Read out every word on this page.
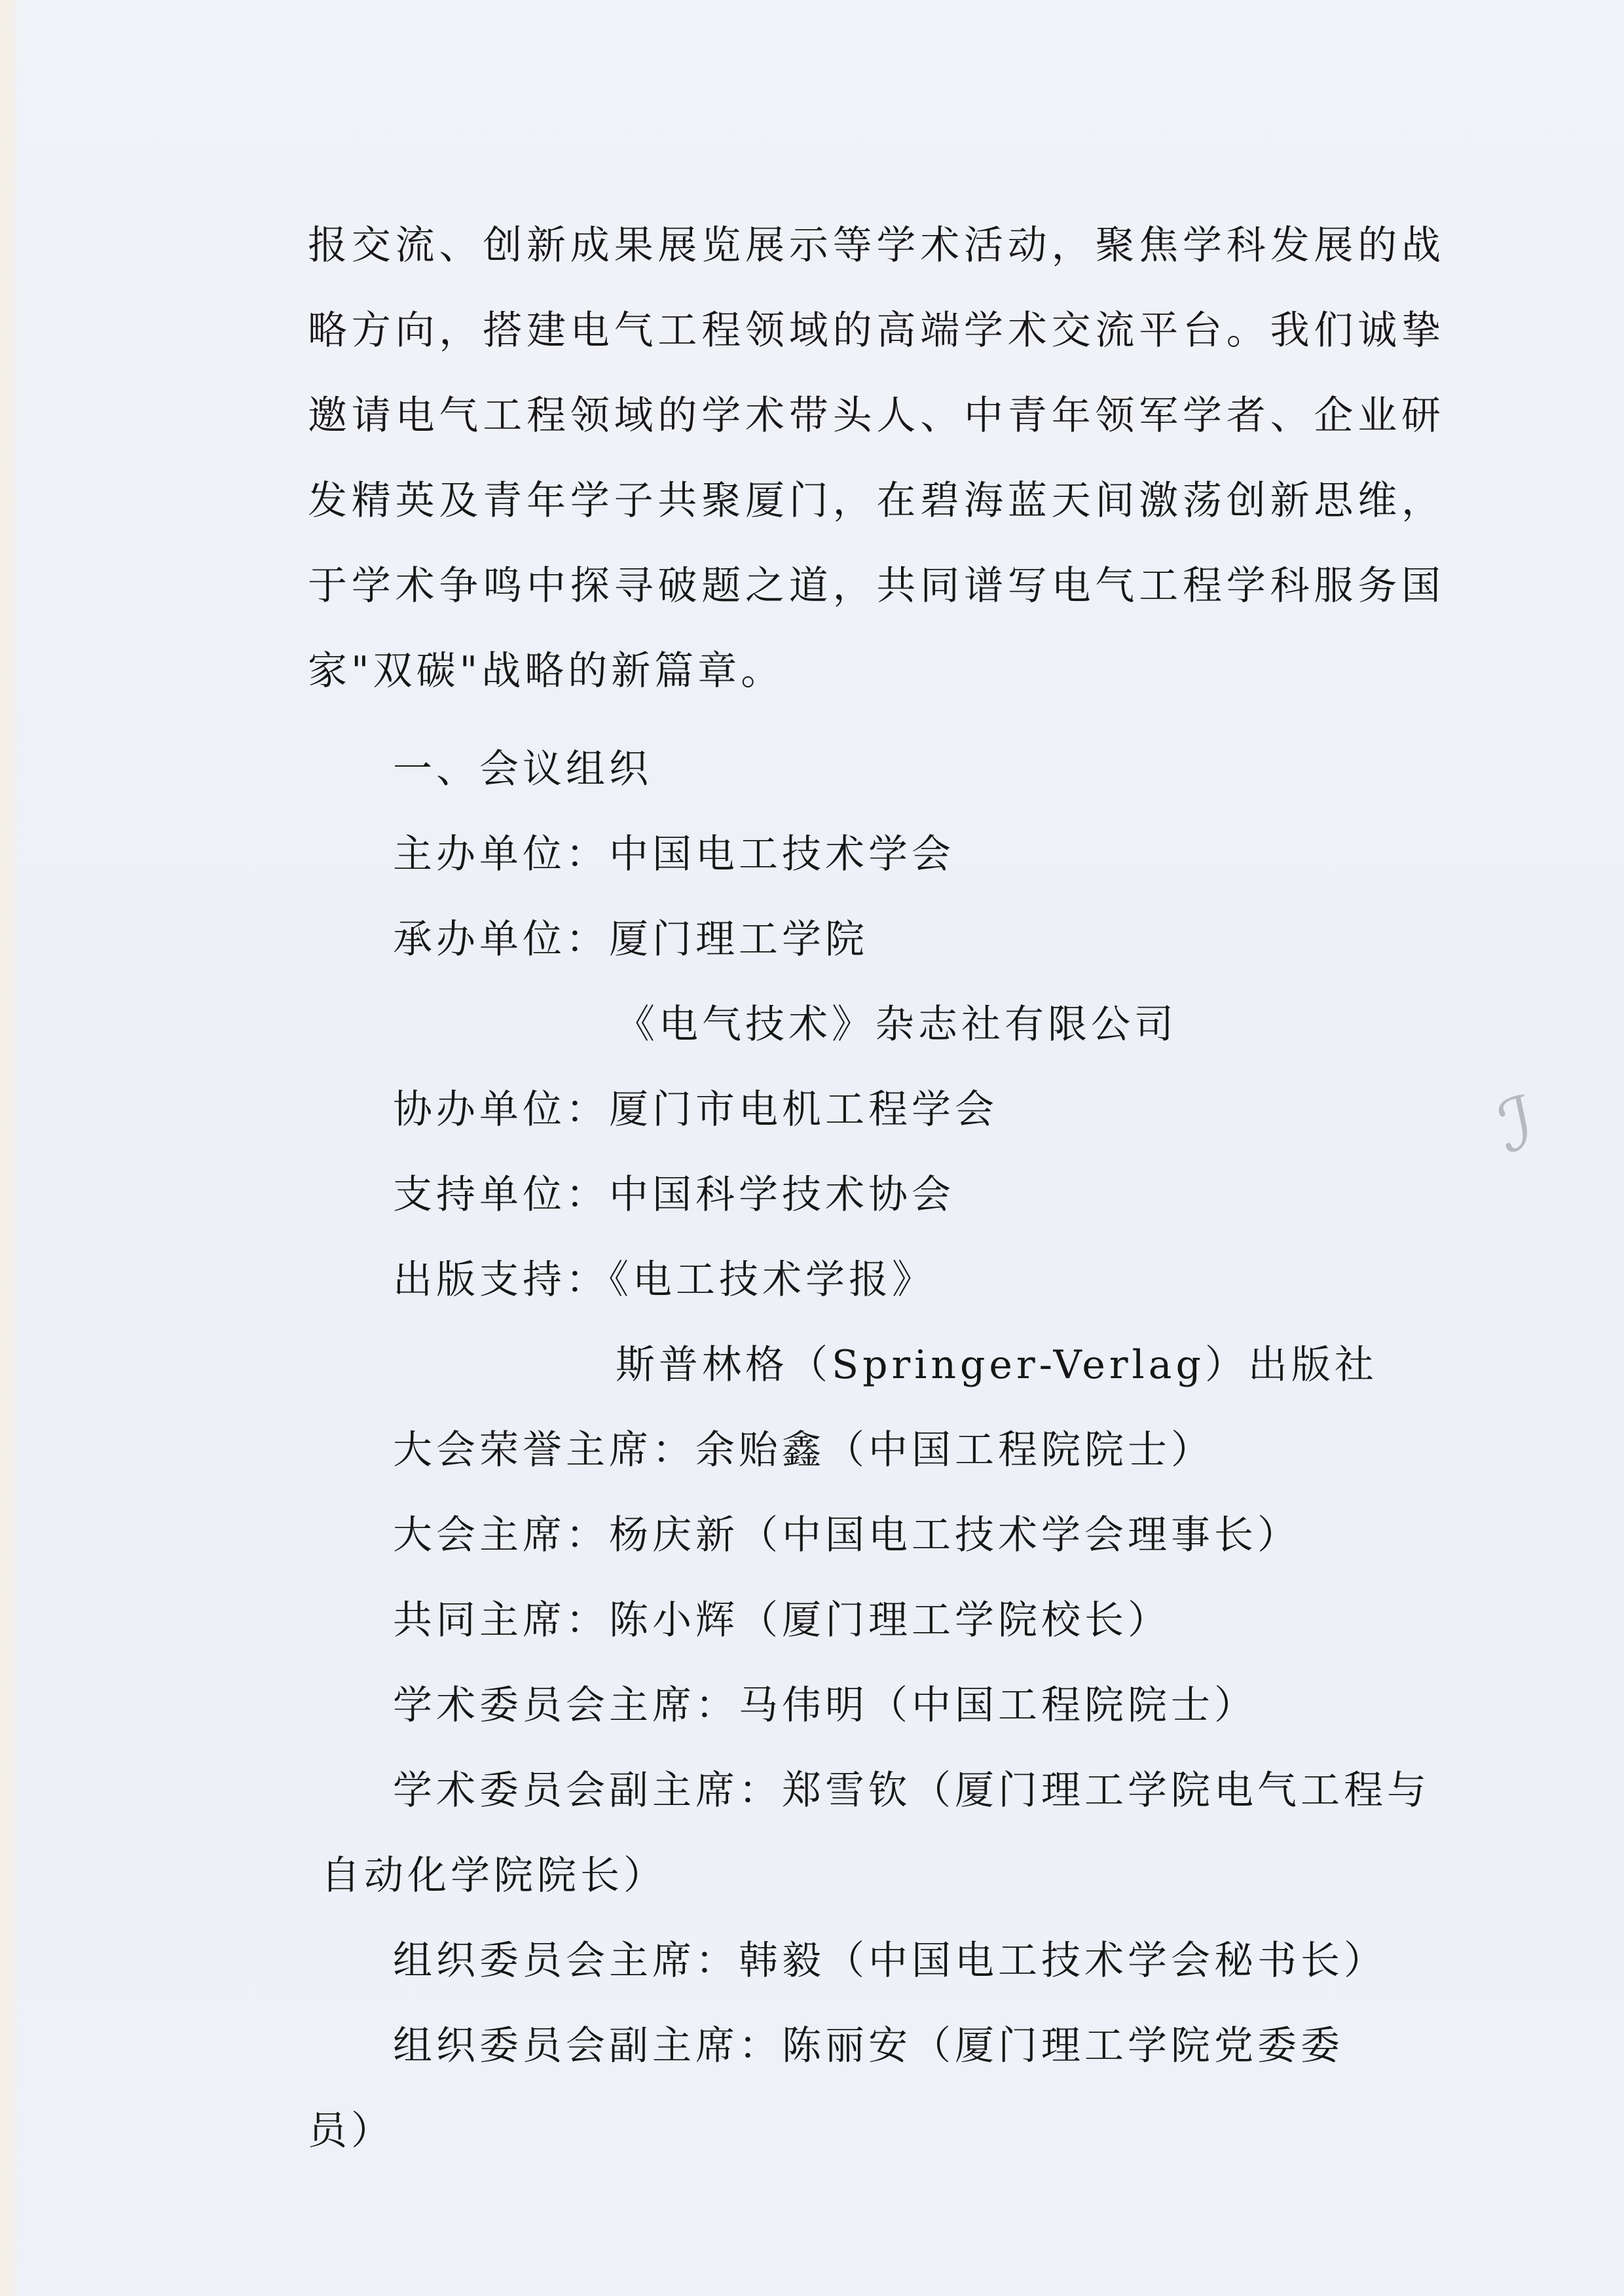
报交流、创新成果展览展示等学术活动，聚焦学科发展的战
略方向，搭建电气工程领域的高端学术交流平台。我们诚挚
邀请电气工程领域的学术带头人、中青年领军学者、企业研
发精英及青年学子共聚厦门，在碧海蓝天间激荡创新思维，
于学术争鸣中探寻破题之道，共同谱写电气工程学科服务国
家"双碳"战略的新篇章。
一、会议组织
主办单位：中国电工技术学会
承办单位：厦门理工学院
《电气技术》杂志社有限公司
协办单位：厦门市电机工程学会
支持单位：中国科学技术协会
出版支持：《电工技术学报》
斯普林格（Springer-Verlag）出版社
大会荣誉主席：余贻鑫（中国工程院院士）
大会主席：杨庆新（中国电工技术学会理事长）
共同主席：陈小辉（厦门理工学院校长）
学术委员会主席：马伟明（中国工程院院士）
学术委员会副主席：郑雪钦（厦门理工学院电气工程与
自动化学院院长）
组织委员会主席：韩毅（中国电工技术学会秘书长）
组织委员会副主席：陈丽安（厦门理工学院党委委
员）
ℐ
